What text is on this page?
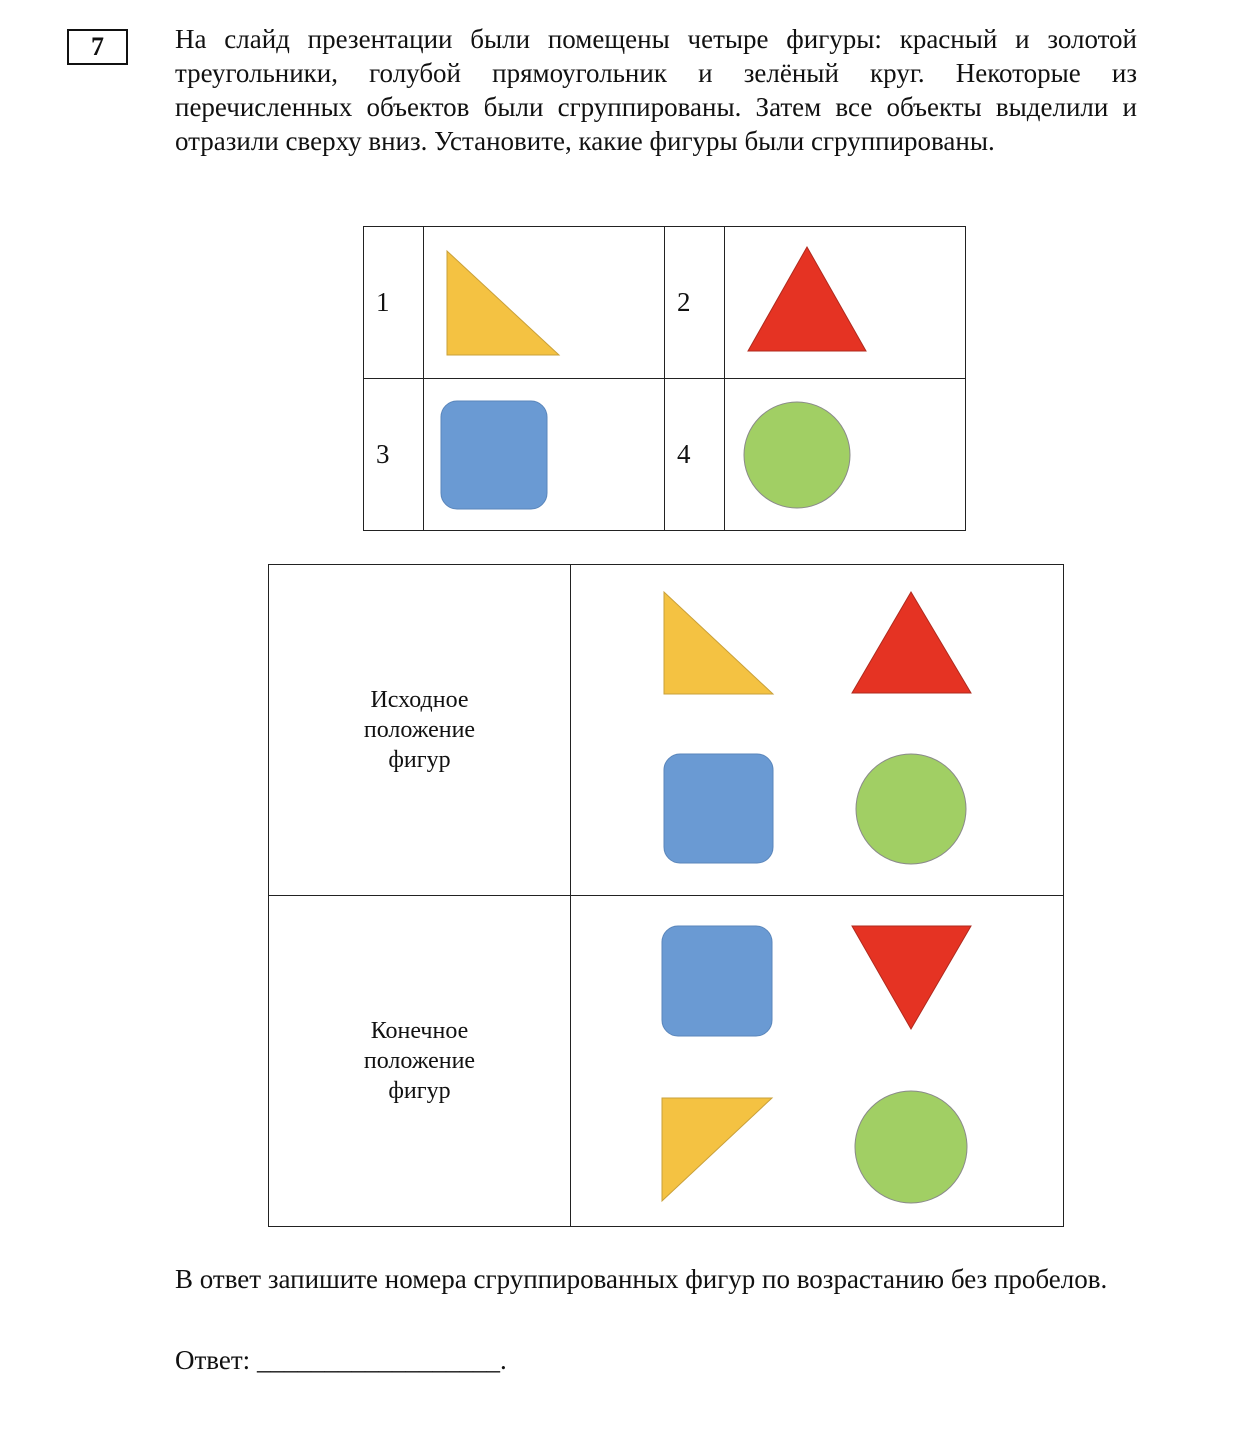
7	На слайд презентации были помещены четыре фигуры: красный и золотой треугольники, голубой прямоугольник и зелёный круг. Некоторые из перечисленных объектов были сгруппированы. Затем все объекты выделили и отразили сверху вниз. Установите, какие фигуры были сгруппированы.

1		2	

3		4	
Исходное
положение
фигур

Конечное
положение
фигур

В ответ запишите номера сгруппированных фигур по возрастанию без пробелов.

Ответ: __________________.
